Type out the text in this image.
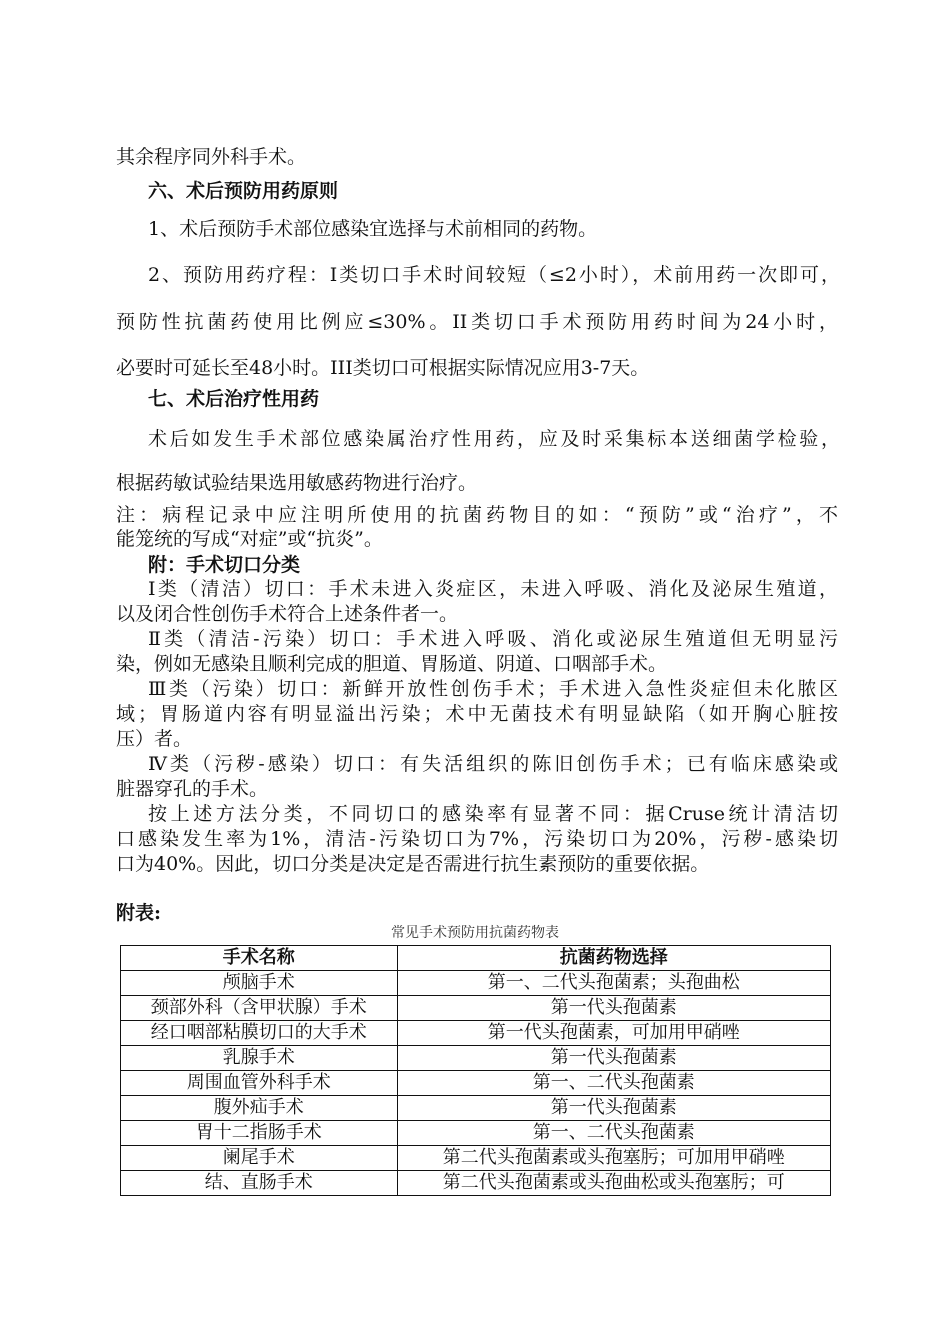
其余程序同外科手术。
六、术后预防用药原则
1、术后预防手术部位感染宜选择与术前相同的药物。
2、预防用药疗程：I类切口手术时间较短（≤2小时），术前用药一次即可，
预防性抗菌药使用比例应≤30%。II类切口手术预防用药时间为24小时，
必要时可延长至48小时。III类切口可根据实际情况应用3-7天。
七、术后治疗性用药
术后如发生手术部位感染属治疗性用药，应及时采集标本送细菌学检验，
根据药敏试验结果选用敏感药物进行治疗。
注：病程记录中应注明所使用的抗菌药物目的如：“预防”或“治疗”，不
能笼统的写成“对症”或“抗炎”。
附：手术切口分类
Ⅰ类（清洁）切口：手术未进入炎症区，未进入呼吸、消化及泌尿生殖道，
以及闭合性创伤手术符合上述条件者一。
Ⅱ类（清洁-污染）切口：手术进入呼吸、消化或泌尿生殖道但无明显污
染，例如无感染且顺利完成的胆道、胃肠道、阴道、口咽部手术。
Ⅲ类（污染）切口：新鲜开放性创伤手术；手术进入急性炎症但未化脓区
域；胃肠道内容有明显溢出污染；术中无菌技术有明显缺陷（如开胸心脏按
压）者。
Ⅳ类（污秽-感染）切口：有失活组织的陈旧创伤手术；已有临床感染或
脏器穿孔的手术。
按上述方法分类，不同切口的感染率有显著不同：据Cruse统计清洁切
口感染发生率为1%，清洁-污染切口为7%，污染切口为20%，污秽-感染切
口为40%。因此，切口分类是决定是否需进行抗生素预防的重要依据。
附表:
常见手术预防用抗菌药物表
手术名称	抗菌药物选择
颅脑手术	第一、二代头孢菌素；头孢曲松
颈部外科（含甲状腺）手术	第一代头孢菌素
经口咽部粘膜切口的大手术	第一代头孢菌素，可加用甲硝唑
乳腺手术	第一代头孢菌素
周围血管外科手术	第一、二代头孢菌素
腹外疝手术	第一代头孢菌素
胃十二指肠手术	第一、二代头孢菌素
阑尾手术	第二代头孢菌素或头孢塞肟；可加用甲硝唑
结、直肠手术	第二代头孢菌素或头孢曲松或头孢塞肟；可
